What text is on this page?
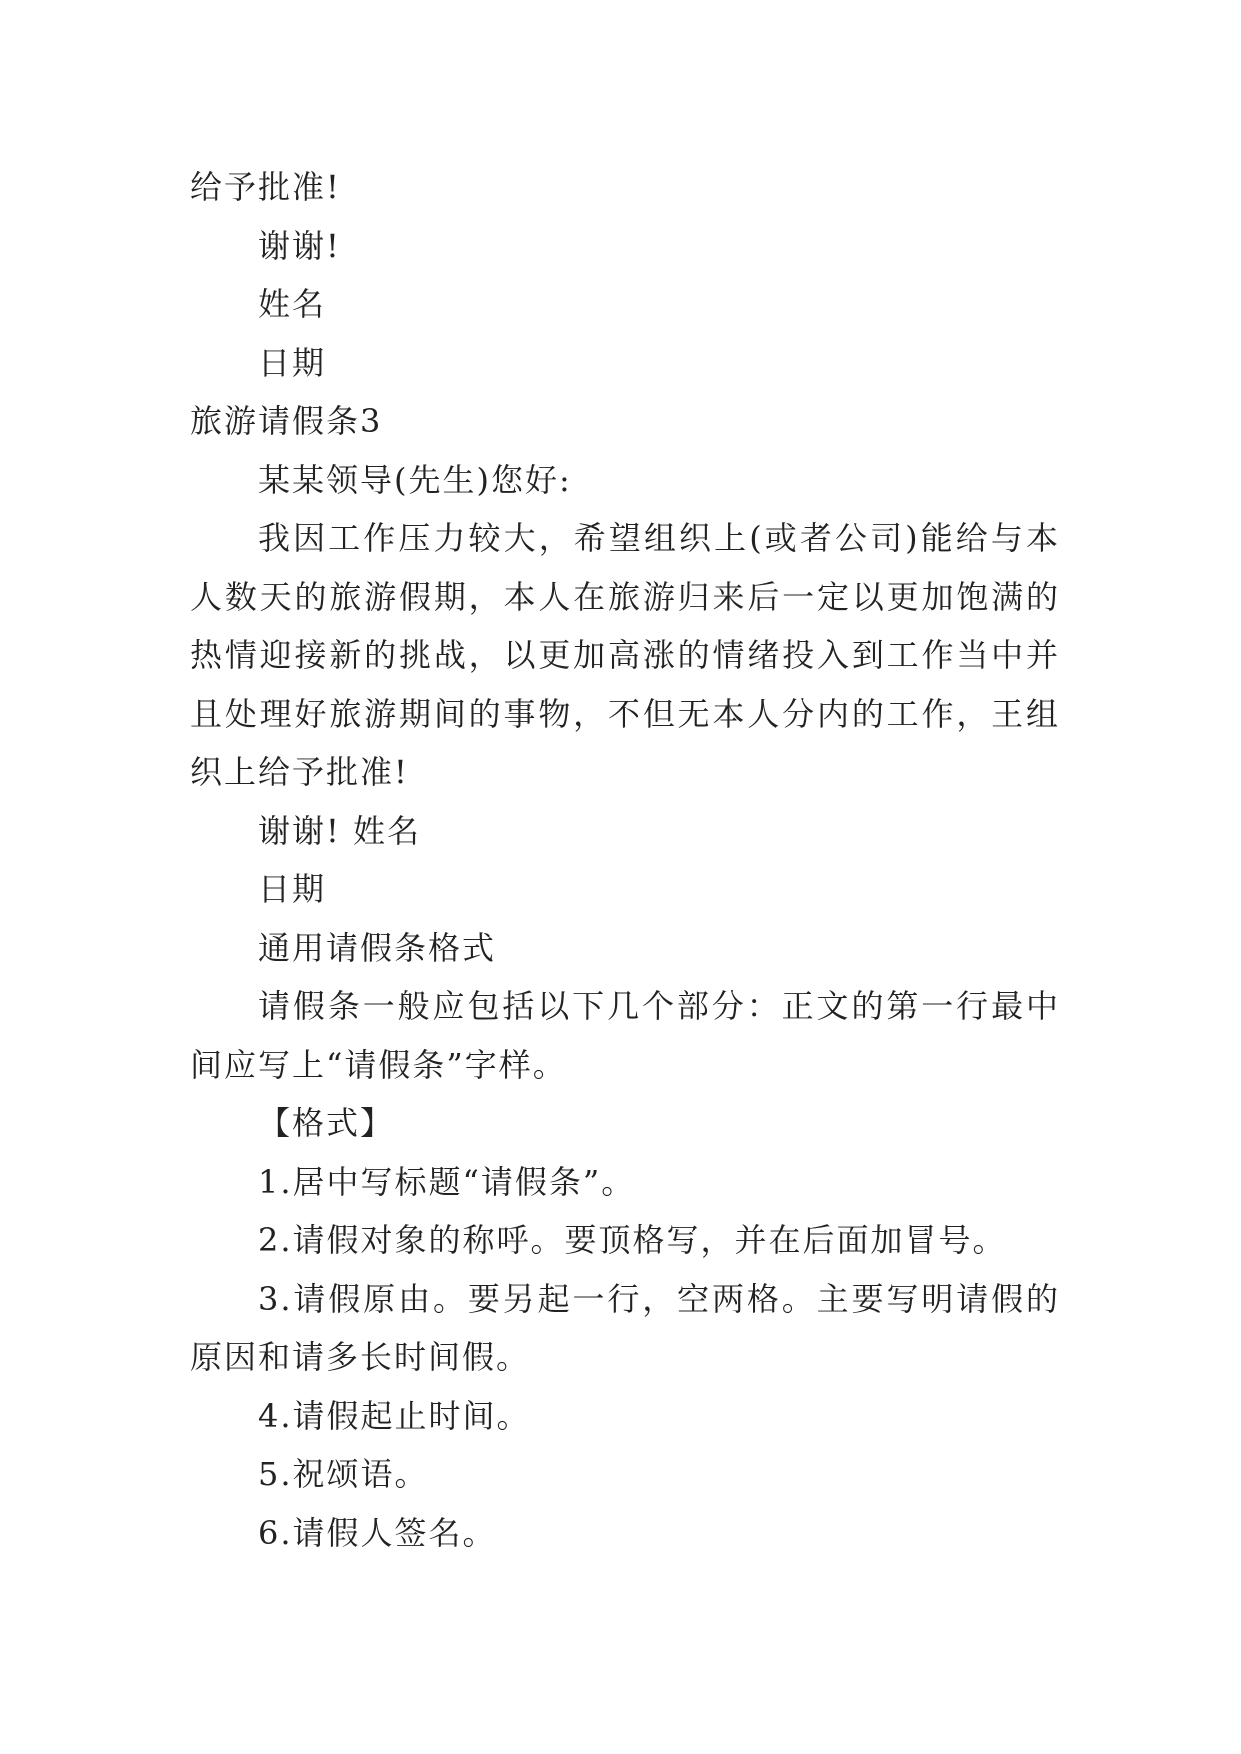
给予批准!

谢谢!

姓名

日期

旅游请假条3

某某领导(先生)您好:

我因工作压力较大，希望组织上(或者公司)能给与本人数天的旅游假期，本人在旅游归来后一定以更加饱满的热情迎接新的挑战，以更加高涨的情绪投入到工作当中并且处理好旅游期间的事物，不但无本人分内的工作，王组织上给予批准!

谢谢! 姓名

日期

通用请假条格式

请假条一般应包括以下几个部分：正文的第一行最中间应写上“请假条”字样。

【格式】

1.居中写标题“请假条”。

2.请假对象的称呼。要顶格写，并在后面加冒号。

3.请假原由。要另起一行，空两格。主要写明请假的原因和请多长时间假。

4.请假起止时间。

5.祝颂语。

6.请假人签名。
